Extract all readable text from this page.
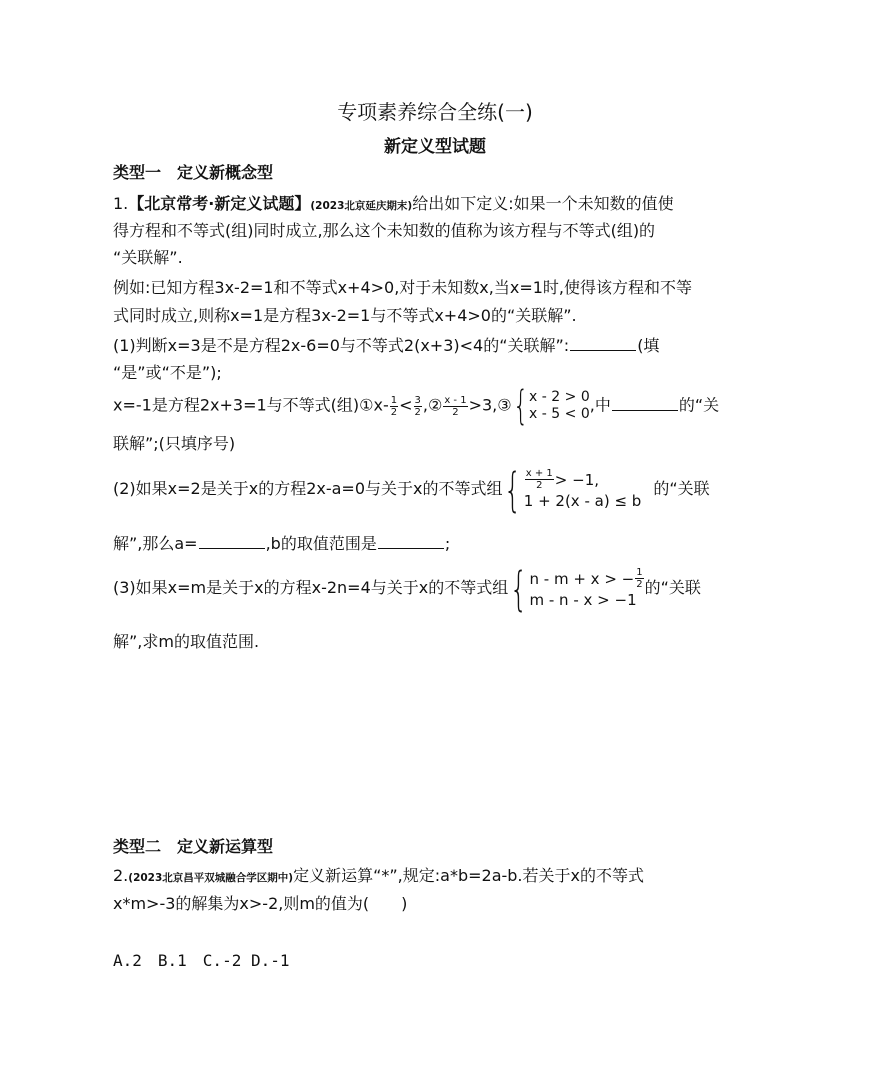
专项素养综合全练(一)
新定义型试题
类型一　定义新概念型
1.【北京常考·新定义试题】(2023北京延庆期末)给出如下定义:如果一个未知数的值使
得方程和不等式(组)同时成立,那么这个未知数的值称为该方程与不等式(组)的
“关联解”.
例如:已知方程3x-2=1和不等式x+4>0,对于未知数x,当x=1时,使得该方程和不等
式同时成立,则称x=1是方程3x-2=1与不等式x+4>0的“关联解”.
(1)判断x=3是不是方程2x-6=0与不等式2(x+3)<4的“关联解”:	(填
“是”或“不是”);
x=-1是方程2x+3=1与不等式(组)①x- $\frac{1}{2} < \frac{3}{2}$ ,② $\frac{x - 1}{2}$ >3,③ { x - 2 > 0
x - 5 < 0 ,中	的“关
联解”;(只填序号)
(2)如果x=2是关于x的方程2x-a=0与关于x的不等式组 { $\frac{x + 1}{2} > -1$,
1 + 2(x - a) ≤ b
的“关联
解”,那么a=	,b的取值范围是	;
(3)如果x=m是关于x的方程x-2n=4与关于x的不等式组 { n - m + x > − $\frac{1}{2}$
m - n - x > −1
的“关联
解”,求m的取值范围.
类型二　定义新运算型
2.(2023北京昌平双城融合学区期中)定义新运算“*”,规定:a*b=2a-b.若关于x的不等式
x*m>-3的解集为x>-2,则m的值为(　　)
A.2　B.1　C.-2 D.-1
